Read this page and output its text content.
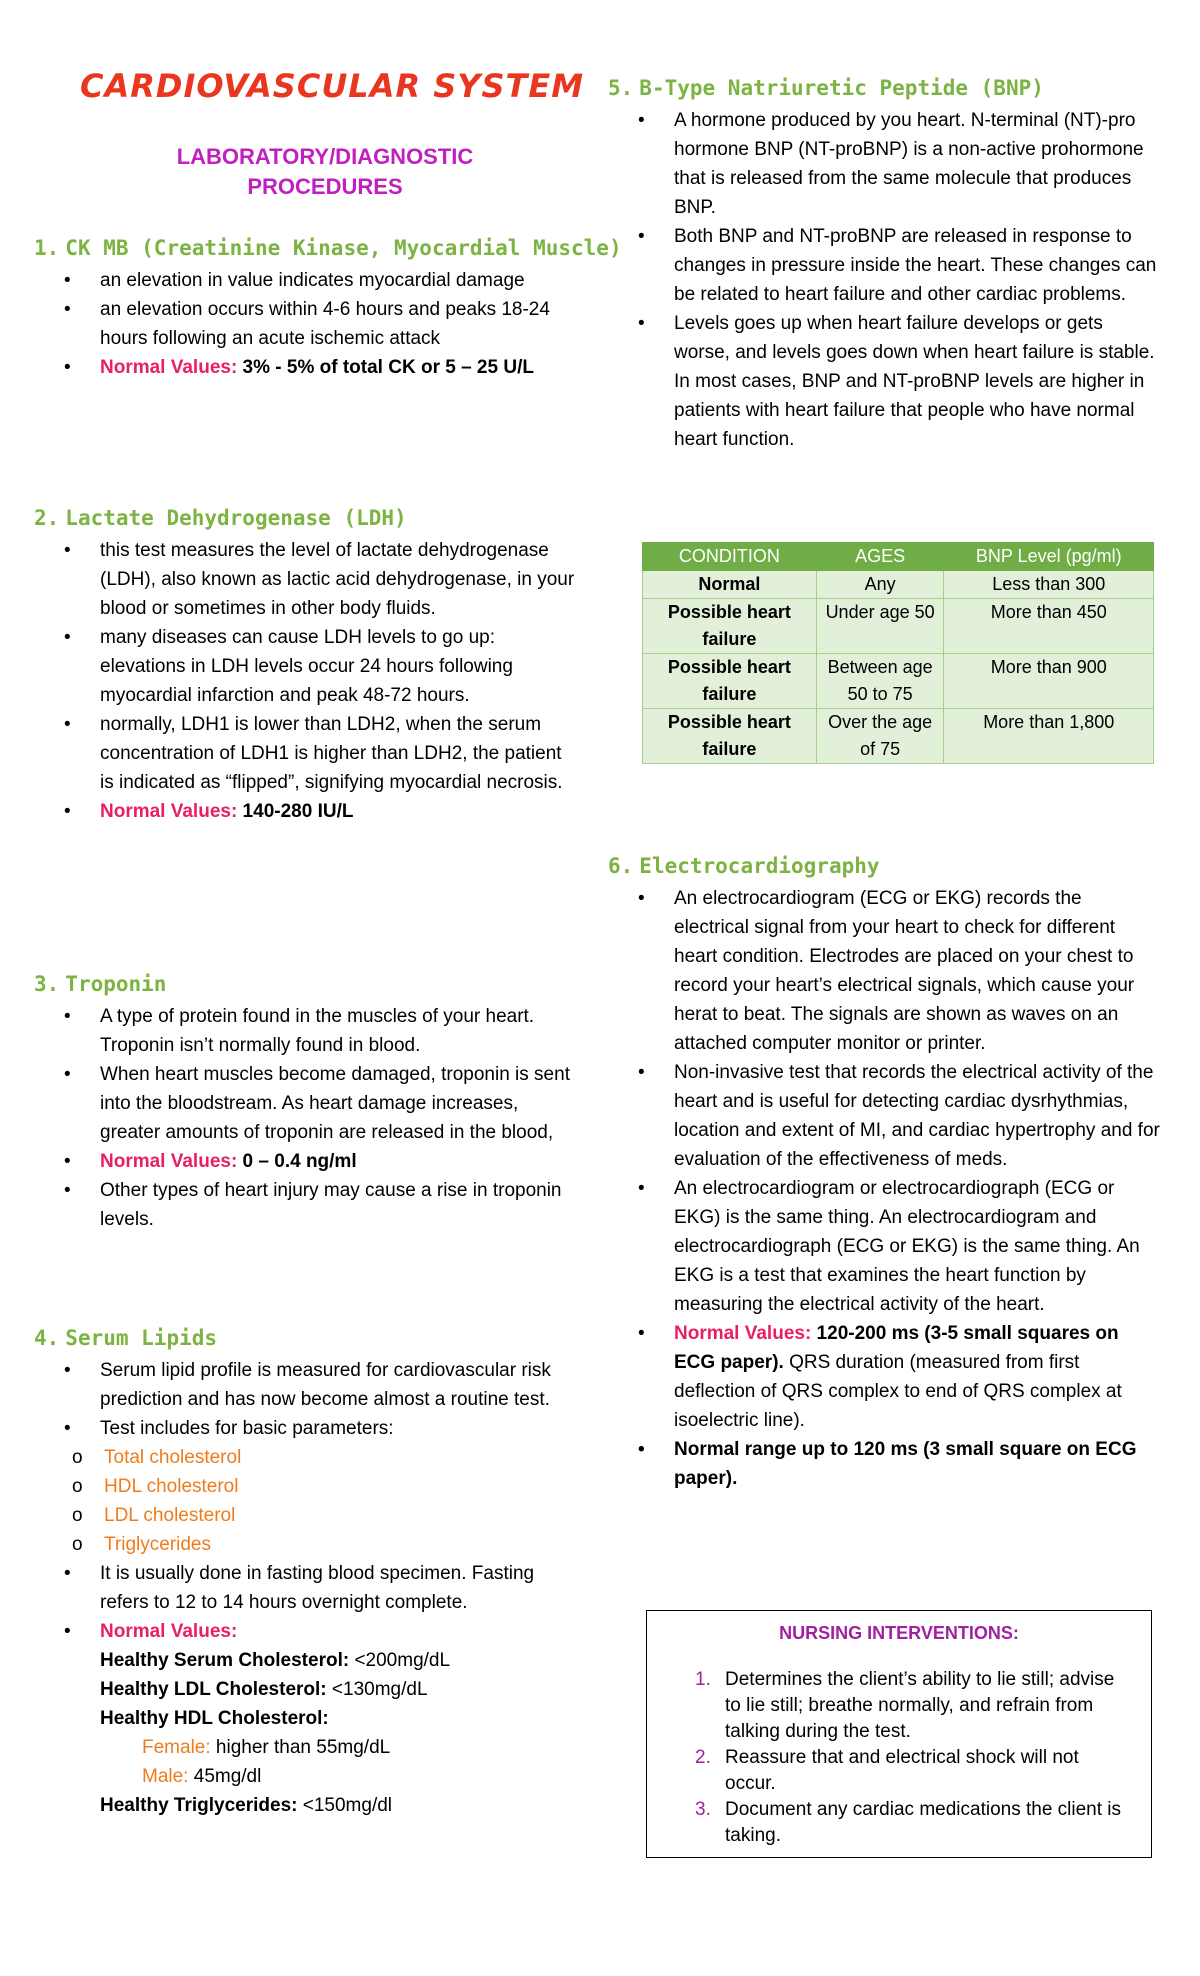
CARDIOVASCULAR SYSTEM
LABORATORY/DIAGNOSTIC
PROCEDURES
1. CK MB (Creatinine Kinase, Myocardial Muscle)
• an elevation in value indicates myocardial damage
• an elevation occurs within 4-6 hours and peaks 18-24 hours following an acute ischemic attack
• Normal Values: 3% - 5% of total CK or 5 – 25 U/L
2. Lactate Dehydrogenase (LDH)
• this test measures the level of lactate dehydrogenase (LDH), also known as lactic acid dehydrogenase, in your blood or sometimes in other body fluids.
• many diseases can cause LDH levels to go up: elevations in LDH levels occur 24 hours following myocardial infarction and peak 48-72 hours.
• normally, LDH1 is lower than LDH2, when the serum concentration of LDH1 is higher than LDH2, the patient is indicated as “flipped”, signifying myocardial necrosis.
• Normal Values: 140-280 IU/L
3. Troponin
• A type of protein found in the muscles of your heart. Troponin isn’t normally found in blood.
• When heart muscles become damaged, troponin is sent into the bloodstream. As heart damage increases, greater amounts of troponin are released in the blood,
• Normal Values: 0 – 0.4 ng/ml
• Other types of heart injury may cause a rise in troponin levels.
4. Serum Lipids
• Serum lipid profile is measured for cardiovascular risk prediction and has now become almost a routine test.
• Test includes for basic parameters:
o Total cholesterol
o HDL cholesterol
o LDL cholesterol
o Triglycerides
• It is usually done in fasting blood specimen. Fasting refers to 12 to 14 hours overnight complete.
• Normal Values:
Healthy Serum Cholesterol: <200mg/dL
Healthy LDL Cholesterol: <130mg/dL
Healthy HDL Cholesterol:
Female: higher than 55mg/dL
Male: 45mg/dl
Healthy Triglycerides: <150mg/dl
5. B-Type Natriuretic Peptide (BNP)
• A hormone produced by you heart. N-terminal (NT)-pro hormone BNP (NT-proBNP) is a non-active prohormone that is released from the same molecule that produces BNP.
• Both BNP and NT-proBNP are released in response to changes in pressure inside the heart. These changes can be related to heart failure and other cardiac problems.
• Levels goes up when heart failure develops or gets worse, and levels goes down when heart failure is stable. In most cases, BNP and NT-proBNP levels are higher in patients with heart failure that people who have normal heart function.
CONDITION	AGES	BNP Level (pg/ml)
Normal	Any	Less than 300
Possible heart failure	Under age 50	More than 450
Possible heart failure	Between age 50 to 75	More than 900
Possible heart failure	Over the age of 75	More than 1,800
6. Electrocardiography
• An electrocardiogram (ECG or EKG) records the electrical signal from your heart to check for different heart condition. Electrodes are placed on your chest to record your heart’s electrical signals, which cause your herat to beat. The signals are shown as waves on an attached computer monitor or printer.
• Non-invasive test that records the electrical activity of the heart and is useful for detecting cardiac dysrhythmias, location and extent of MI, and cardiac hypertrophy and for evaluation of the effectiveness of meds.
• An electrocardiogram or electrocardiograph (ECG or EKG) is the same thing. An electrocardiogram and electrocardiograph (ECG or EKG) is the same thing. An EKG is a test that examines the heart function by measuring the electrical activity of the heart.
• Normal Values: 120-200 ms (3-5 small squares on ECG paper). QRS duration (measured from first deflection of QRS complex to end of QRS complex at isoelectric line).
• Normal range up to 120 ms (3 small square on ECG paper).
NURSING INTERVENTIONS:
1. Determines the client’s ability to lie still; advise to lie still; breathe normally, and refrain from talking during the test.
2. Reassure that and electrical shock will not occur.
3. Document any cardiac medications the client is taking.
